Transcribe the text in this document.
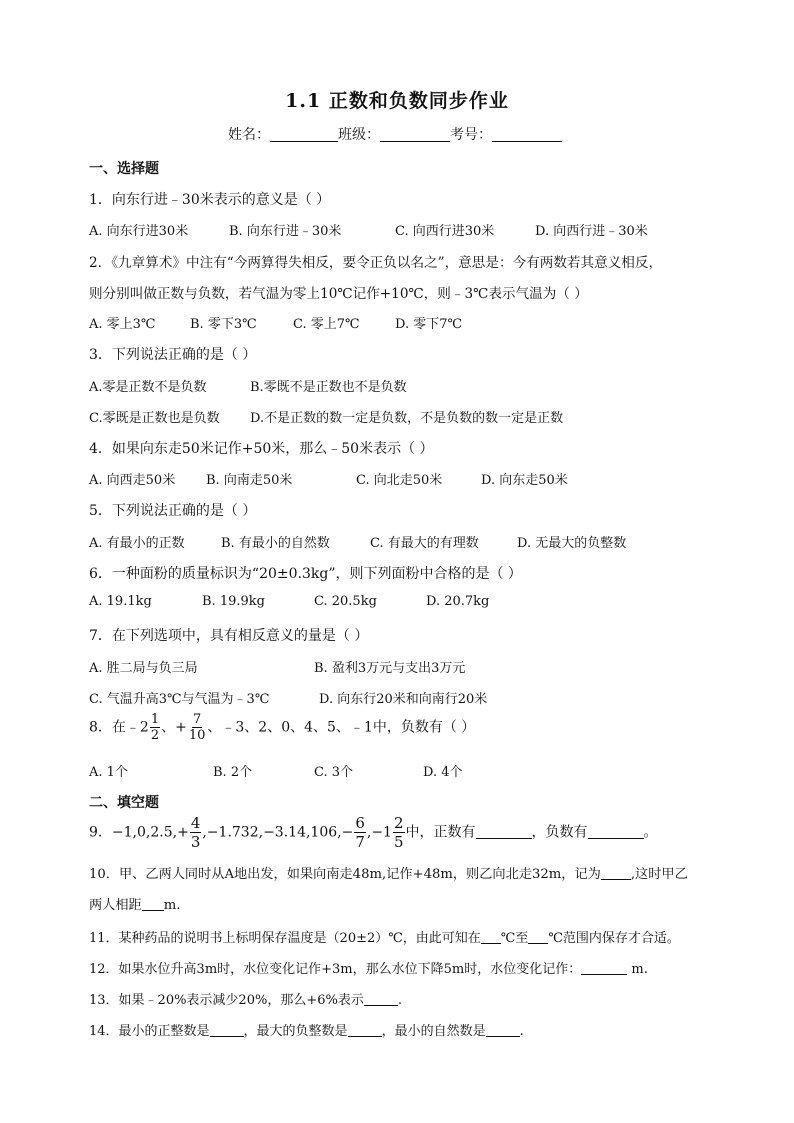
1.1 正数和负数同步作业
姓名：	班级：	考号：
一、选择题
1．向东行进﹣30米表示的意义是（ ）
A. 向东行进30米	B. 向东行进﹣30米	C. 向西行进30米	D. 向西行进﹣30米
2．《九章算术》中注有“今两算得失相反，要令正负以名之”，意思是：今有两数若其意义相反，
则分别叫做正数与负数，若气温为零上10℃记作+10℃，则﹣3℃表示气温为（ ）
A. 零上3℃	B. 零下3℃	C. 零上7℃	D. 零下7℃
3．下列说法正确的是（ ）
A.零是正数不是负数	B.零既不是正数也不是负数
C.零既是正数也是负数 D.不是正数的数一定是负数，不是负数的数一定是正数
4．如果向东走50米记作+50米，那么﹣50米表示（ ）
A. 向西走50米 B. 向南走50米	C. 向北走50米	D. 向东走50米
5．下列说法正确的是（ ）
A. 有最小的正数	B. 有最小的自然数	C. 有最大的有理数	D. 无最大的负整数
6．一种面粉的质量标识为“20±0.3kg”，则下列面粉中合格的是（ ）
A. 19.1kg	B. 19.9kg	C. 20.5kg	D. 20.7kg
7．在下列选项中，具有相反意义的量是（ ）
A. 胜二局与负三局	B. 盈利3万元与支出3万元
C. 气温升高3℃与气温为﹣3℃	D. 向东行20米和向南行20米
8．在﹣2 $\frac{1}{2}$ 、+ $\frac{7}{10}$ 、﹣3、2、0、4、5、﹣1中，负数有（ ）
A. 1个	B. 2个	C. 3个	D. 4个
二、填空题
9．$-1,0,2.5,+ \frac{4}{3} ,-1.732,-3.14,106,- \frac{6}{7} ,-1 \frac{2}{5}$ 中，正数有	，负数有	。
10．甲、乙两人同时从A地出发，如果向南走48m,记作+48m，则乙向北走32m，记为 ,这时甲乙
两人相距 m.
11．某种药品的说明书上标明保存温度是（20±2）℃，由此可知在 ℃至 ℃范围内保存才合适。
12．如果水位升高3m时，水位变化记作+3m，那么水位下降5m时，水位变化记作：	m.
13．如果﹣20%表示减少20%，那么+6%表示	.
14．最小的正整数是	，最大的负整数是	，最小的自然数是	.
